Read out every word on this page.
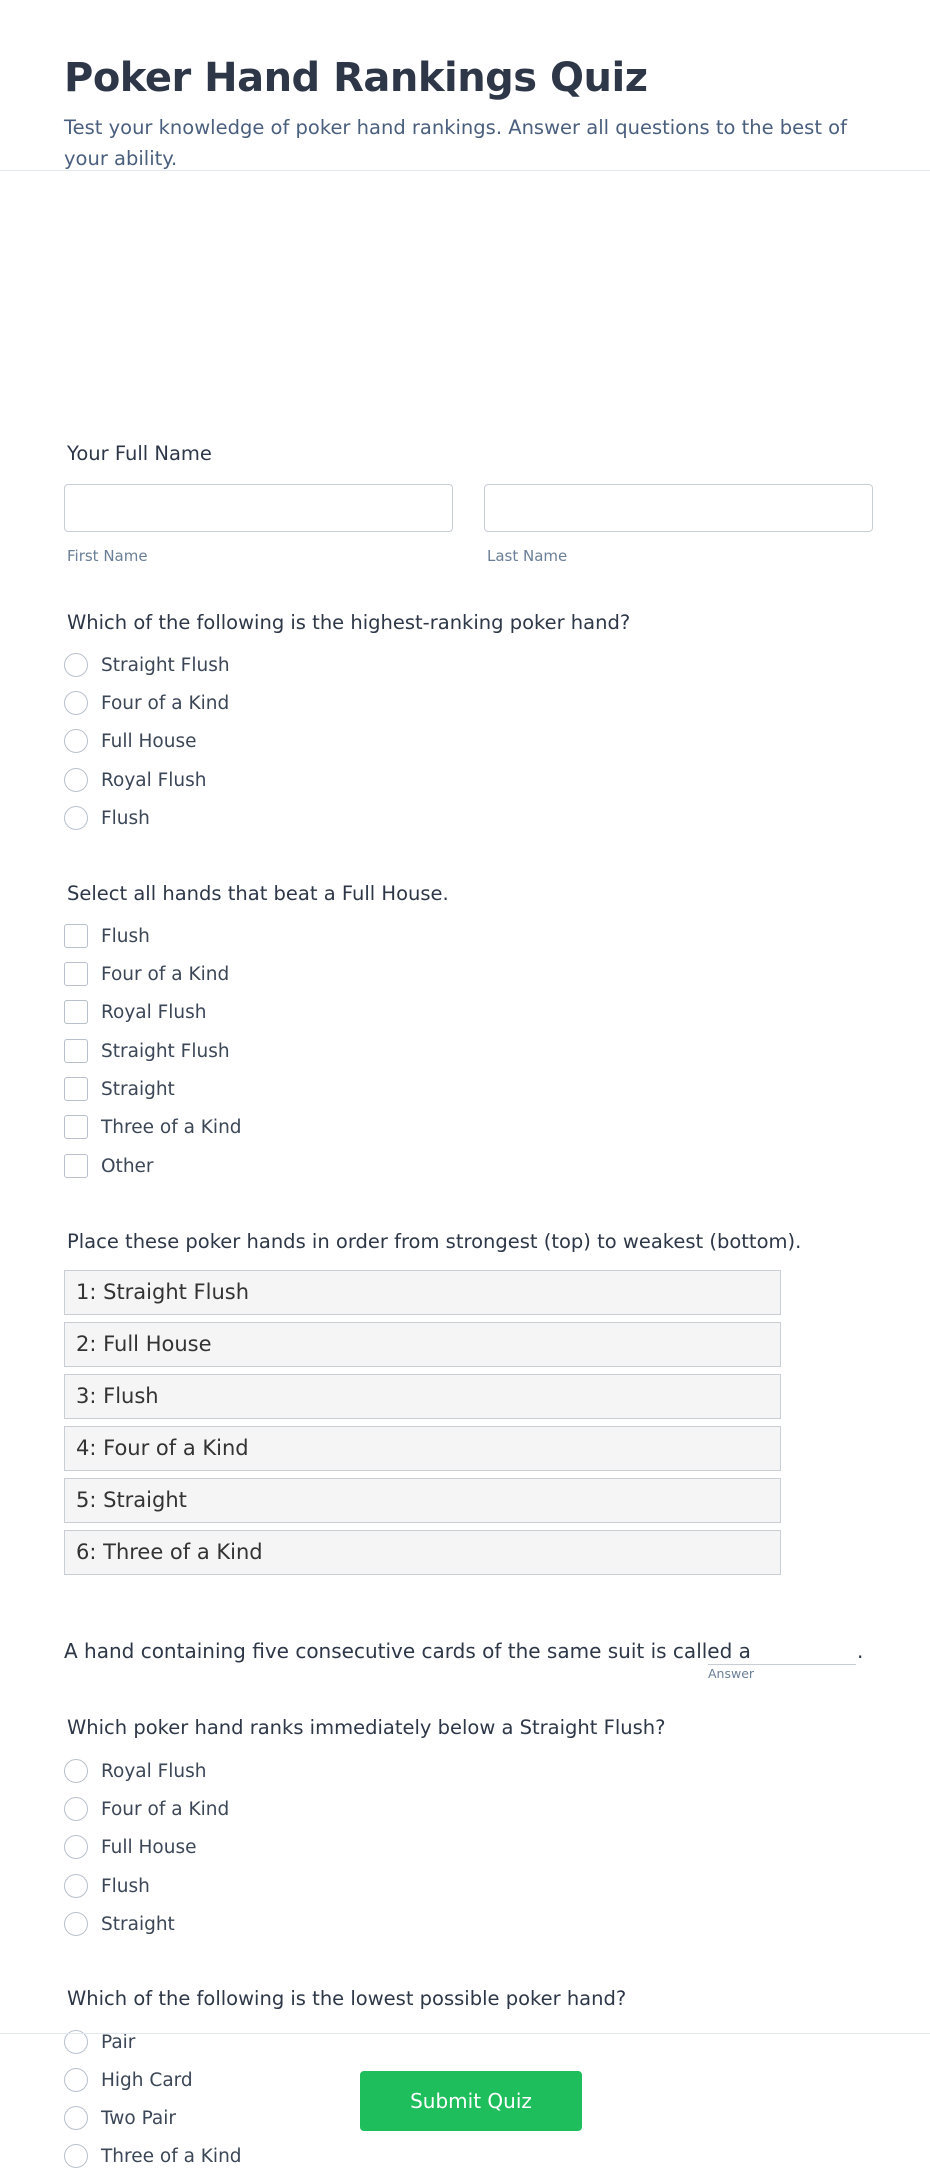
Poker Hand Rankings Quiz
Test your knowledge of poker hand rankings. Answer all questions to the best of your ability.
Your Full Name
First Name	Last Name
Which of the following is the highest-ranking poker hand?
Straight Flush
Four of a Kind
Full House
Royal Flush
Flush
Select all hands that beat a Full House.
Flush
Four of a Kind
Royal Flush
Straight Flush
Straight
Three of a Kind
Other
Place these poker hands in order from strongest (top) to weakest (bottom).
1: Straight Flush
2: Full House
3: Flush
4: Four of a Kind
5: Straight
6: Three of a Kind
A hand containing five consecutive cards of the same suit is called a	.
Answer
Which poker hand ranks immediately below a Straight Flush?
Royal Flush
Four of a Kind
Full House
Flush
Straight
Which of the following is the lowest possible poker hand?
Pair
High Card
Two Pair
Three of a Kind
Submit Quiz
